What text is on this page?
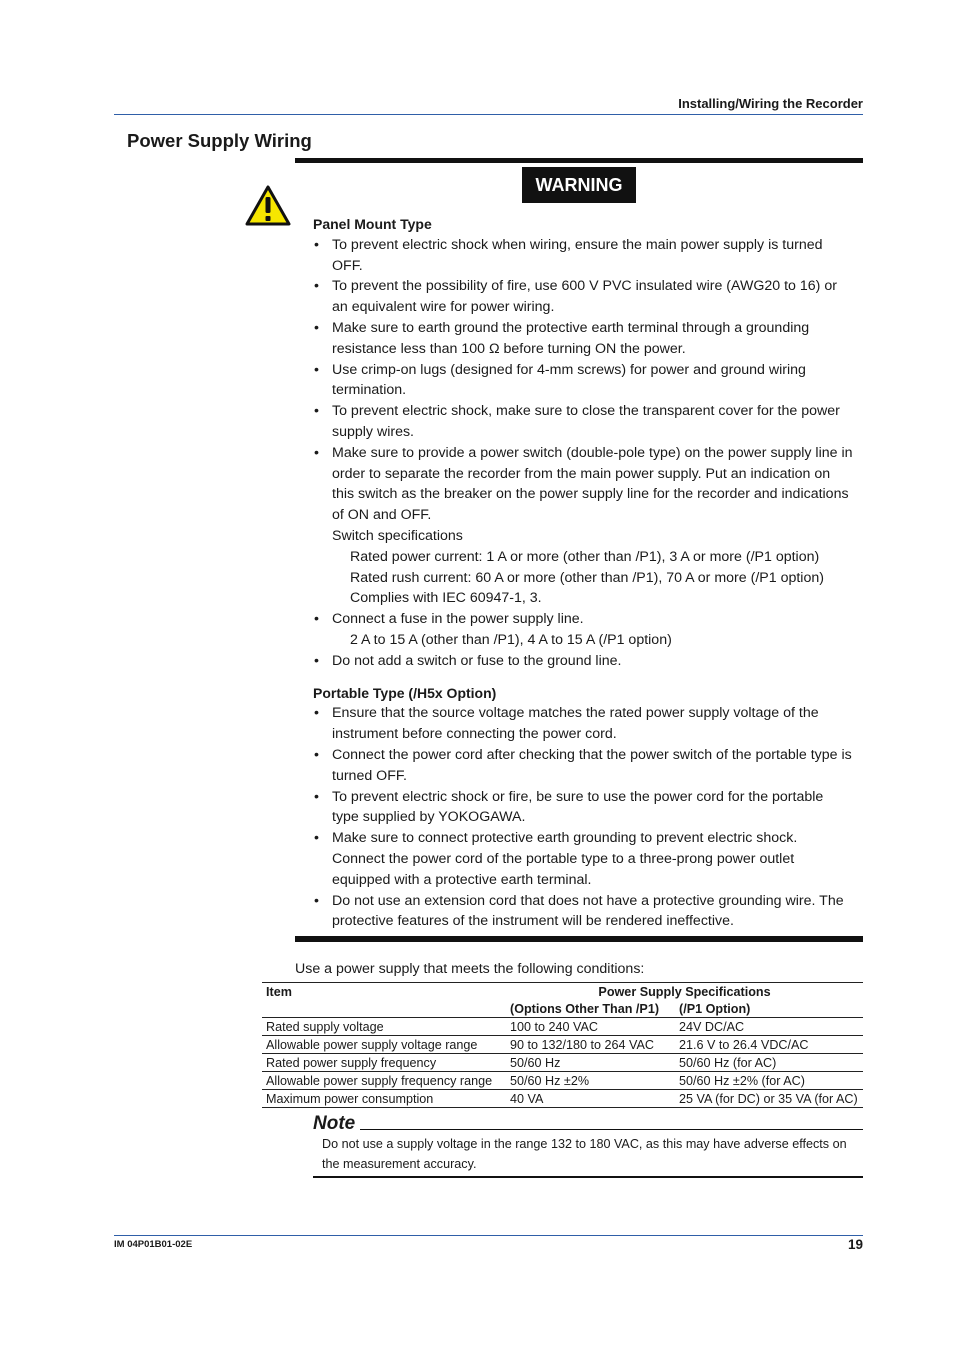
Installing/Wiring the Recorder
Power Supply Wiring
WARNING
Panel Mount Type
• To prevent electric shock when wiring, ensure the main power supply is turned OFF.
• To prevent the possibility of fire, use 600 V PVC insulated wire (AWG20 to 16) or an equivalent wire for power wiring.
• Make sure to earth ground the protective earth terminal through a grounding resistance less than 100 Ω before turning ON the power.
• Use crimp-on lugs (designed for 4-mm screws) for power and ground wiring termination.
• To prevent electric shock, make sure to close the transparent cover for the power supply wires.
• Make sure to provide a power switch (double-pole type) on the power supply line in order to separate the recorder from the main power supply. Put an indication on this switch as the breaker on the power supply line for the recorder and indications of ON and OFF.
Switch specifications
Rated power current: 1 A or more (other than /P1), 3 A or more (/P1 option)
Rated rush current: 60 A or more (other than /P1), 70 A or more (/P1 option)
Complies with IEC 60947-1, 3.
• Connect a fuse in the power supply line.
2 A to 15 A (other than /P1), 4 A to 15 A (/P1 option)
• Do not add a switch or fuse to the ground line.
Portable Type (/H5x Option)
• Ensure that the source voltage matches the rated power supply voltage of the instrument before connecting the power cord.
• Connect the power cord after checking that the power switch of the portable type is turned OFF.
• To prevent electric shock or fire, be sure to use the power cord for the portable type supplied by YOKOGAWA.
• Make sure to connect protective earth grounding to prevent electric shock. Connect the power cord of the portable type to a three-prong power outlet equipped with a protective earth terminal.
• Do not use an extension cord that does not have a protective grounding wire. The protective features of the instrument will be rendered ineffective.
Use a power supply that meets the following conditions:
Item	Power Supply Specifications	
	(Options Other Than /P1)	(/P1 Option)
Rated supply voltage	100 to 240 VAC	24V DC/AC
Allowable power supply voltage range	90 to 132/180 to 264 VAC	21.6 V to 26.4 VDC/AC
Rated power supply frequency	50/60 Hz	50/60 Hz (for AC)
Allowable power supply frequency range	50/60 Hz ±2%	50/60 Hz ±2% (for AC)
Maximum power consumption	40 VA	25 VA (for DC) or 35 VA (for AC)
Note
Do not use a supply voltage in the range 132 to 180 VAC, as this may have adverse effects on the measurement accuracy.
IM 04P01B01-02E	19
